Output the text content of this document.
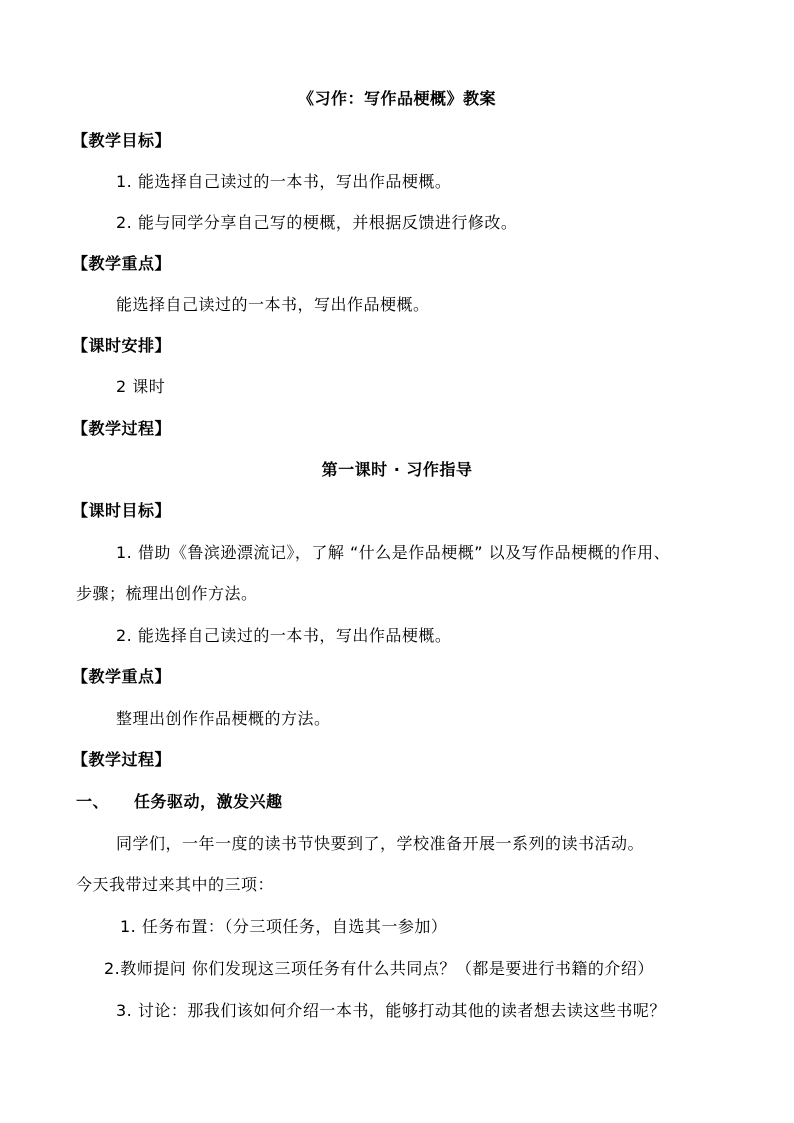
《习作：写作品梗概》教案
【教学目标】
1. 能选择自己读过的一本书，写出作品梗概。
2. 能与同学分享自己写的梗概，并根据反馈进行修改。
【教学重点】
能选择自己读过的一本书，写出作品梗概。
【课时安排】
2 课时
【教学过程】
第一课时 · 习作指导
【课时目标】
1. 借助《鲁滨逊漂流记》，了解 “什么是作品梗概” 以及写作品梗概的作用、
步骤；梳理出创作方法。
2. 能选择自己读过的一本书，写出作品梗概。
【教学重点】
整理出创作作品梗概的方法。
【教学过程】
一、 任务驱动，激发兴趣
同学们，一年一度的读书节快要到了，学校准备开展一系列的读书活动。
今天我带过来其中的三项：
1. 任务布置：（分三项任务，自选其一参加）
2.教师提问 你们发现这三项任务有什么共同点？（都是要进行书籍的介绍）
3. 讨论：那我们该如何介绍一本书，能够打动其他的读者想去读这些书呢？
